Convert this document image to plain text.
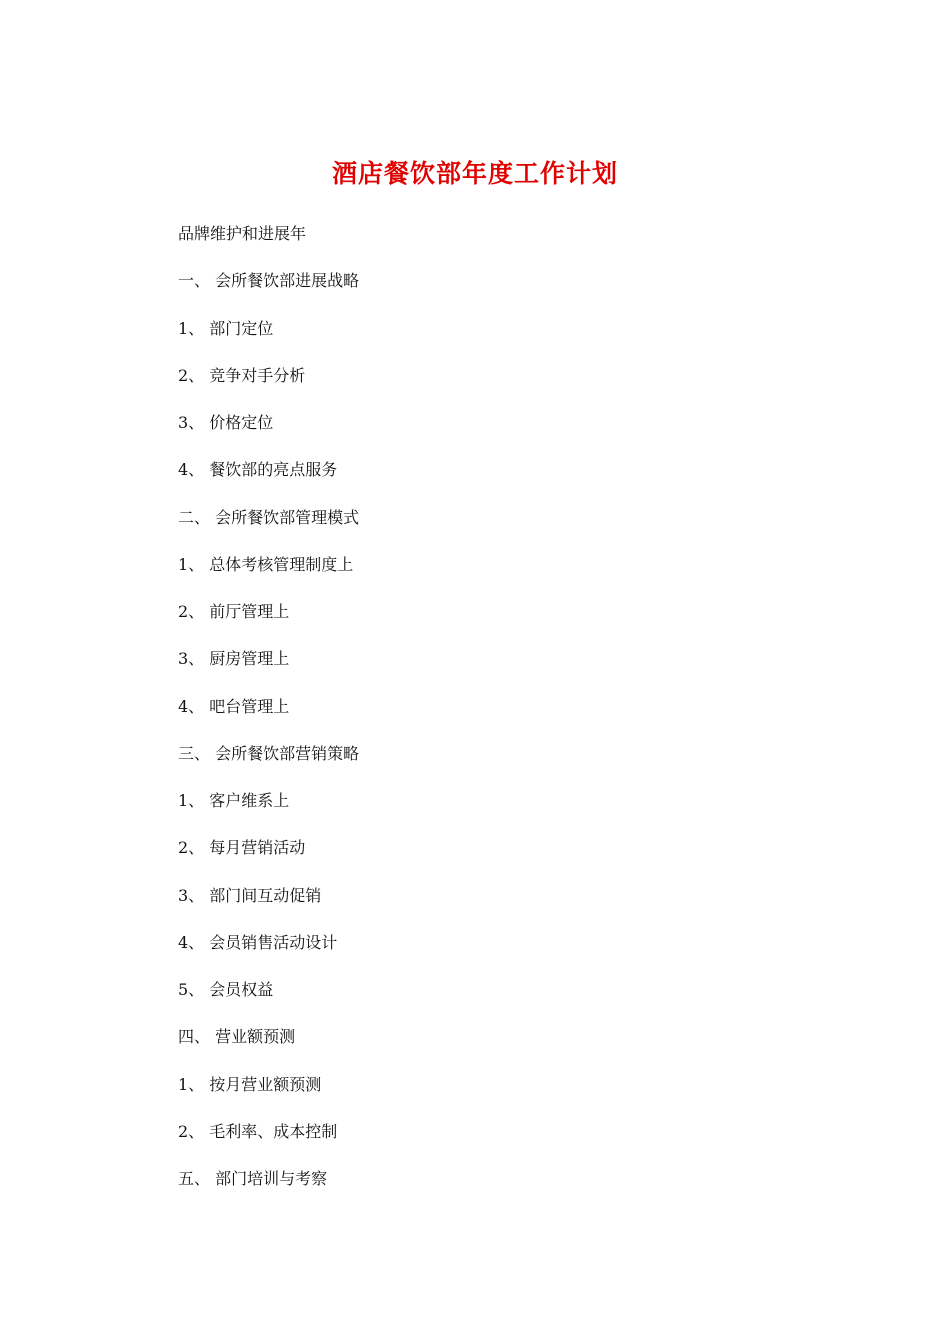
酒店餐饮部年度工作计划
品牌维护和进展年
一、 会所餐饮部进展战略
1、 部门定位
2、 竞争对手分析
3、 价格定位
4、 餐饮部的亮点服务
二、 会所餐饮部管理模式
1、 总体考核管理制度上
2、 前厅管理上
3、 厨房管理上
4、 吧台管理上
三、 会所餐饮部营销策略
1、 客户维系上
2、 每月营销活动
3、 部门间互动促销
4、 会员销售活动设计
5、 会员权益
四、 营业额预测
1、 按月营业额预测
2、 毛利率、成本控制
五、 部门培训与考察
